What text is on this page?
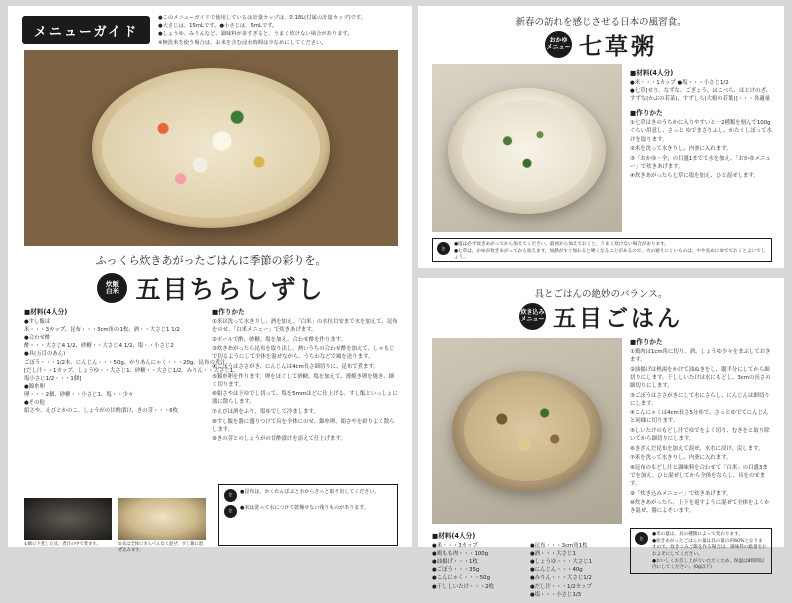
メニューガイド
●このメニューガイドで使用しているは計量カップは、0.18L(付属の計量カップ)です。
●大さじは、15mLです。●小さじは、5mLです。
●しょうゆ、みりんなど、調味料が多すぎると、うまく炊けない場合があります。
※無洗米を使う場合は、お米を含む浸水時間は少なめにしてください。
ふっくら炊きあがったごはんに季節の彩りを。
炊飯
白米 五目ちらしずし
■材料(4人分)
●すし飯は
米・・・3カップ、昆布・・・3cm角の1枚、酒・・大さじ1 1/2
●合わせ酢
酢・・・大さじ4 1/2、砂糖・・大さじ4 1/2、塩・・小さじ2
●具(五目のあん)
ごぼう・・・1/2本、にんじん・・・50g、かりあんにゃく・・・20g、昆布の煮汁
[だし汁・・1カップ、しょうゆ・・大さじ1、砂糖・・大さじ1/2、みりん・・大さじ1、
塩小さじ1/2・・・1個]
●錦糸卵
卵・・・2個、砂糖・・小さじ1、塩・・少々
●その他
絹さや、えびとかのこ、しょうがの甘酢漬け、きの芽・・・6枚
■作りかた
①米は洗って水きりし、酒を加え、「白米」の水位目安まで水を加えて、昆布をのせ、「白米メニュー」で炊きあげます。
②ボールで酢、砂糖、塩を加え、合わせ酢を作ります。
③炊きあがったら昆布を取り出し、熱いうちの合わせ酢を加えて、しゃもじで切るようにして全体を混ぜながら、うちわなどで風を送ります。
④ごぼうはささがき、にんじんは4cm長さ細切りに、昆布で煮ます。
⑤錦糸卵を作ります。卵をほぐして砂糖、塩を加えて、薄焼き卵を焼き、細く切ります。
⑥絹さやは下ゆでし切って、塩を5mmほどに仕上げる。すし飯といっしょに器に散らします。
⑦えびは酒をふり、塩ゆでして冷まします。
⑧すし飯を器に盛りつけて具を全体にのせ、錦糸卵、絹さやを彩りよく散らします。
⑨きの芽とのしょうがの甘酢漬けを添えて仕上げます。
①飯に下煮した具、煮汁の中で煮ます。	②具は全体にまんべんなく混ぜ、すし飯に混ぜ込みます。
注	●昆布は、かくれんぼぶと水からさっと取り出してください。
注	●米は洗って水につけて乾燥せない残りものがあります。
新春の訪れを感じさせる日本の風習食。
おかゆ
メニュー 七草粥
■材料(4人分)
●米・・・1カップ ●塩・・・小さじ1/2
●七草[せり、なずな、ごぎょう、はこべら、ほとけのざ、すずな(かぶの若菜)、すずしろ(大根の若葉)]・・・各適量
■作りかた
①七草はきのうちかに入りやすいと一2種類を刻んで100gぐらい用意し、さっと ゆでまさりふし、かたくしぼって水けを取ります。
②米を洗って水きりし、内釜に入れます。
③「おかゆ・全」の目盛1までて水を加え、「おかゆメニュー」で炊きあげます。
④炊きあがったら七草に塩を加え、ひと混ぜします。
注
●塩は必ず炊きあがってから加えてください。最初から加えておくと、うまく炊けない場合があります。
●七草は、かゆが炊きあがってから加えます。加熱がすぐ加わると硬くなることがあるので、火の通りにくいものは、やや長めにゆでておくとよいでしょう。
具とごはんの絶妙のバランス。
炊き込み
メニュー 五目ごはん
■作りかた
①鶏肉は1cm角に切り、酒、しょうゆ少々をまぶしておきます。
②油揚げは熱湯をかけて油ぬきをし、縦半分にしてから細切りにします。干ししいたけは水にもどし、3cmの長さの細切りにします。
③ごぼうはささがきにして水にさらし、にんじんは細切りにします。
④こんにゃくは4cm長さ5分ゆで、さっとゆでてにんじんと同様に切ります。
⑤しいたけのもどし汁でゆでをよく切り、むきをと取り除いてから細切りにします。
⑥きざんだ昆布を加えて混ぜ、水水に浸け、戻します。
⑦米を洗って水きりし、内釜に入れます。
⑧昆布のもどし汁と調味料を合わせて「白米」の目盛3までを加え、ひと混ぜしてから全体をならし、具をのせます。
⑨「炊き込みメニュー」で炊きあげます。
⑩炊きあがったら、上下を返すように混ぜて全体をよくかき混ぜ、器によそいます。
■材料(4人分)
●米・・・3カップ
●鶏もも肉・・・100g
●油揚げ・・・1枚
●ごぼう・・・35g
●こんにゃく・・・50g
●干ししいたけ・・・2枚
●昆布・・・3cm角1枚
●酒・・・大さじ1
●しょうゆ・・・大さじ1
●にんじん・・・40g
●みりん・・・大さじ1/2
●だし汁・・・1/2カップ
●塩・・・小さじ1/3
注
●米の量は、具の種類によって変わります。
●炊きあがったごはんの量は具の量の約60%となりますので、炊きこみご飯を作る場合は、調味料の総量をおおよそにしてください。
●おいしくお召し上がりいただくため、保温は8時間以内にしてください。(0g以下)
